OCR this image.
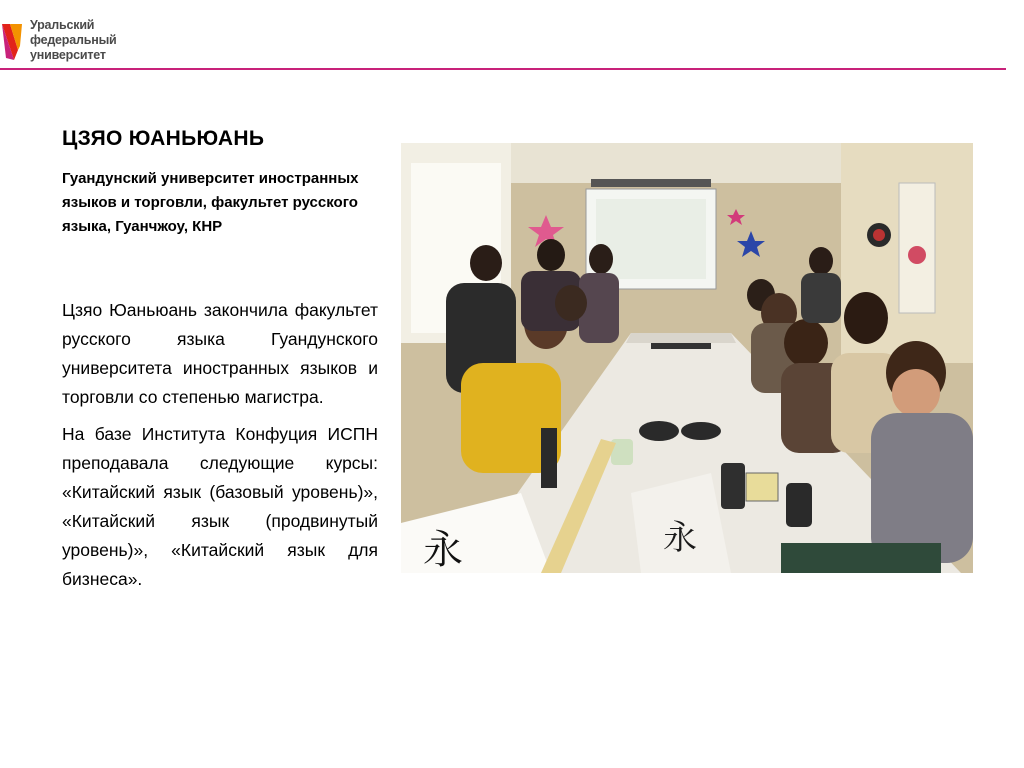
Уральский
федеральный
университет
ЦЗЯО ЮАНЬЮАНЬ
Гуандунский университет иностранных языков и торговли, факультет русского языка, Гуанчжоу, КНР

Цзяо Юаньюань закончила факультет русского языка Гуандунского университета иностранных языков и торговли со степенью магистра.

На базе Института Конфуция ИСПН преподавала следующие курсы: «Китайский язык (базовый уровень)», «Китайский язык (продвинутый уровень)», «Китайский язык для бизнеса».

永
永
